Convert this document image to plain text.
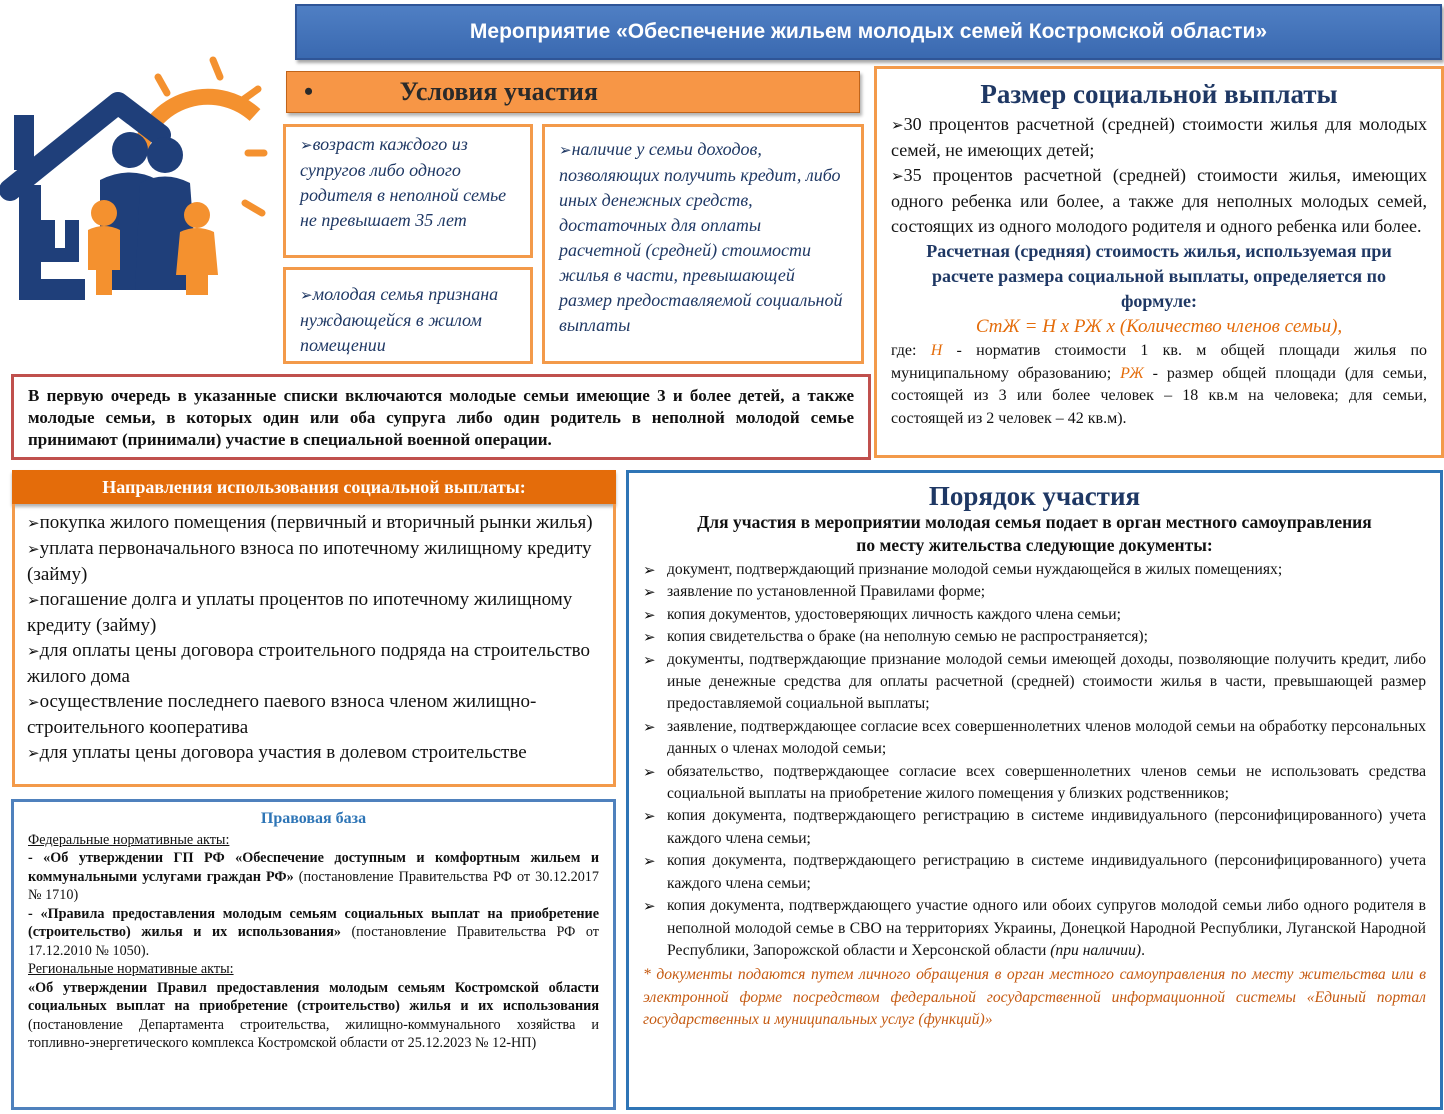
Мероприятие «Обеспечение жильем молодых семей Костромской области»
•	Условия участия
➢возраст каждого из супругов либо одного родителя в неполной семье не превышает 35 лет
➢молодая семья признана нуждающейся в жилом помещении
➢наличие у семьи доходов, позволяющих получить кредит, либо иных денежных средств, достаточных для оплаты расчетной (средней) стоимости жилья в части, превышающей размер предоставляемой социальной выплаты
Размер социальной выплаты
➢30 процентов расчетной (средней) стоимости жилья для молодых семей, не имеющих детей;
➢35 процентов расчетной (средней) стоимости жилья, имеющих одного ребенка или более, а также для неполных молодых семей, состоящих из одного молодого родителя и одного ребенка или более.
Расчетная (средняя) стоимость жилья, используемая при расчете размера социальной выплаты, определяется по формуле:
СтЖ = Н х РЖ х (Количество членов семьи),
где: Н - норматив стоимости 1 кв. м общей площади жилья по муниципальному образованию; РЖ - размер общей площади (для семьи, состоящей из 3 или более человек – 18 кв.м на человека; для семьи, состоящей из 2 человек – 42 кв.м).
В первую очередь в указанные списки включаются молодые семьи имеющие 3 и более детей, а также молодые семьи, в которых один или оба супруга либо один родитель в неполной молодой семье принимают (принимали) участие в специальной военной операции.
Направления использования социальной выплаты:
➢покупка жилого помещения (первичный и вторичный рынки жилья)
➢уплата первоначального взноса по ипотечному жилищному кредиту (займу)
➢погашение долга и уплаты процентов по ипотечному жилищному кредиту (займу)
➢для оплаты цены договора строительного подряда на строительство жилого дома
➢осуществление последнего паевого взноса членом жилищно-строительного кооператива
➢для уплаты цены договора участия в долевом строительстве
Правовая база
Федеральные нормативные акты:
- «Об утверждении ГП РФ «Обеспечение доступным и комфортным жильем и коммунальными услугами граждан РФ» (постановление Правительства РФ от 30.12.2017 № 1710)
- «Правила предоставления молодым семьям социальных выплат на приобретение (строительство) жилья и их использования» (постановление Правительства РФ от 17.12.2010 № 1050).
Региональные нормативные акты:
«Об утверждении Правил предоставления молодым семьям Костромской области социальных выплат на приобретение (строительство) жилья и их использования (постановление Департамента строительства, жилищно-коммунального хозяйства и топливно-энергетического комплекса Костромской области от 25.12.2023 № 12-НП)
Порядок участия
Для участия в мероприятии молодая семья подает в орган местного самоуправления по месту жительства следующие документы:
➢ документ, подтверждающий признание молодой семьи нуждающейся в жилых помещениях;
➢ заявление по установленной Правилами форме;
➢ копия документов, удостоверяющих личность каждого члена семьи;
➢ копия свидетельства о браке (на неполную семью не распространяется);
➢ документы, подтверждающие признание молодой семьи имеющей доходы, позволяющие получить кредит, либо иные денежные средства для оплаты расчетной (средней) стоимости жилья в части, превышающей размер предоставляемой социальной выплаты;
➢ заявление, подтверждающее согласие всех совершеннолетних членов молодой семьи на обработку персональных данных о членах молодой семьи;
➢ обязательство, подтверждающее согласие всех совершеннолетних членов семьи не использовать средства социальной выплаты на приобретение жилого помещения у близких родственников;
➢ копия документа, подтверждающего регистрацию в системе индивидуального (персонифицированного) учета каждого члена семьи;
➢ копия документа, подтверждающего регистрацию в системе индивидуального (персонифицированного) учета каждого члена семьи;
➢ копия документа, подтверждающего участие одного или обоих супругов молодой семьи либо одного родителя в неполной молодой семье в СВО на территориях Украины, Донецкой Народной Республики, Луганской Народной Республики, Запорожской области и Херсонской области (при наличии).
* документы подаются путем личного обращения в орган местного самоуправления по месту жительства или в электронной форме посредством федеральной государственной информационной системы «Единый портал государственных и муниципальных услуг (функций)»
